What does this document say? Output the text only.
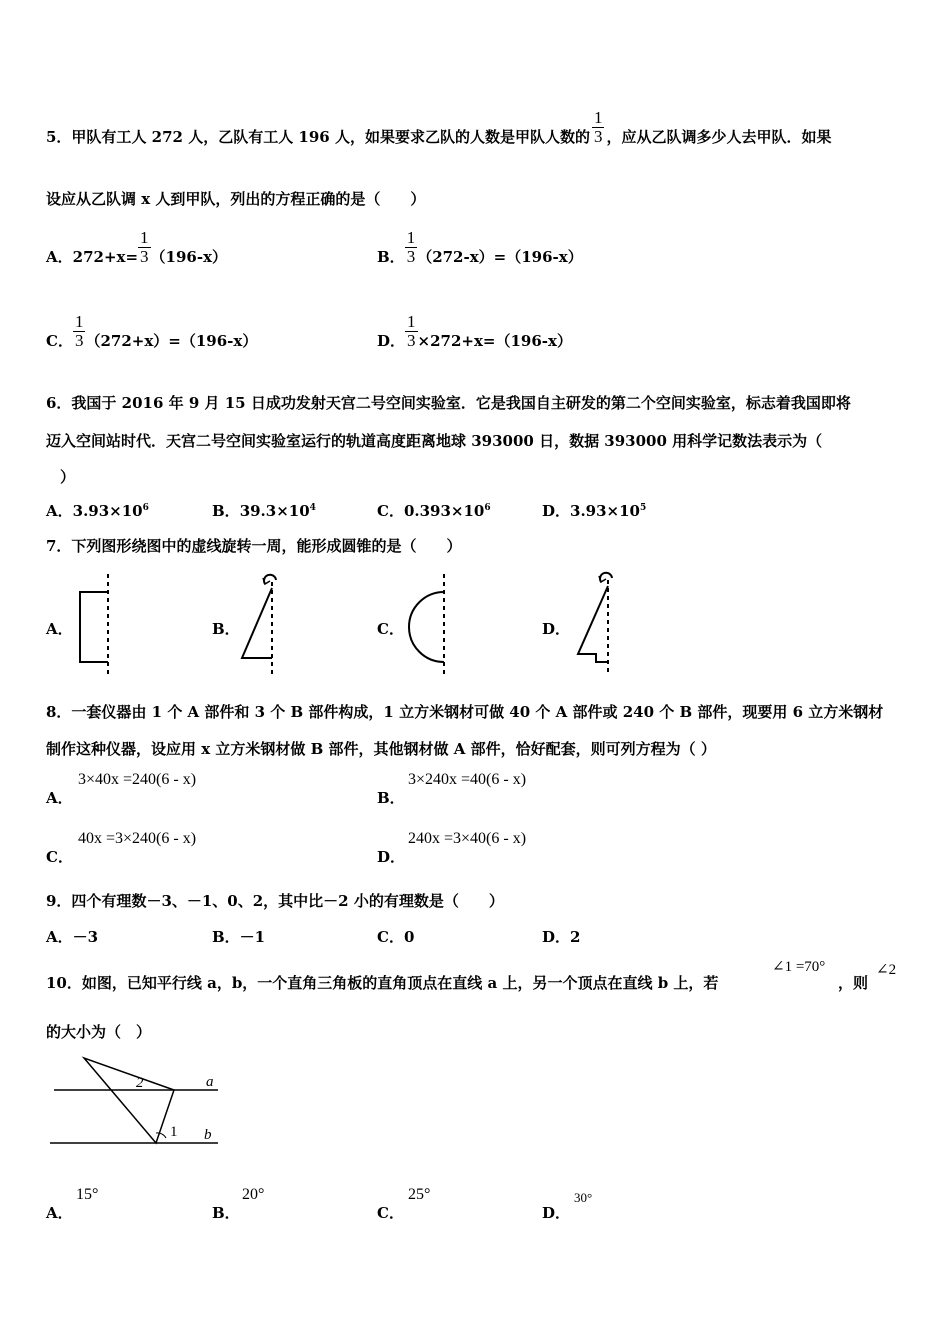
5．甲队有工人 272 人，乙队有工人 196 人，如果要求乙队的人数是甲队人数的 $\frac{1}{3}$ ，应从乙队调多少人去甲队．如果
设应从乙队调 x 人到甲队，列出的方程正确的是（　　）
A．$272+x= \frac{1}{3} (196-x)$	B． $\frac{1}{3} (272-x)=(196-x)$
C． $\frac{1}{3} (272+x)=(196-x)$	D． $\frac{1}{3} \times 272+x=(196-x)$
6．我国于 2016 年 9 月 15 日成功发射天宫二号空间实验室．它是我国自主研发的第二个空间实验室，标志着我国即将
迈入空间站时代．天宫二号空间实验室运行的轨道高度距离地球 393000 日，数据 393000 用科学记数法表示为（
）
A．$3.93\times 10^6$	B．$39.3\times 10^4$	C．$0.393\times 10^6$	D．$3.93\times 10^5$
7．下列图形绕图中的虚线旋转一周，能形成圆锥的是（　　）
A．	B．	C．	D．
8．一套仪器由 1 个 A 部件和 3 个 B 部件构成，1 立方米钢材可做 40 个 A 部件或 240 个 B 部件，现要用 6 立方米钢材
制作这种仪器，设应用 x 立方米钢材做 B 部件，其他钢材做 A 部件，恰好配套，则可列方程为（ ）
A．
3×40x =240(6 - x)
B．
3×240x =40(6 - x)
C．
40x =3×240(6 - x)
D．
240x =3×40(6 - x)
9．四个有理数－3、－1、0、2，其中比－2 小的有理数是（　　）
A．－3	B．－1	C．0	D．2
10．如图，已知平行线 a，b，一个直角三角板的直角顶点在直线 a 上，另一个顶点在直线 b 上，若
∠1 =70°
，则
∠2
的大小为（　）
2
1
a
b
A．
15°
B．
20°
C．
25°
D．
30°
